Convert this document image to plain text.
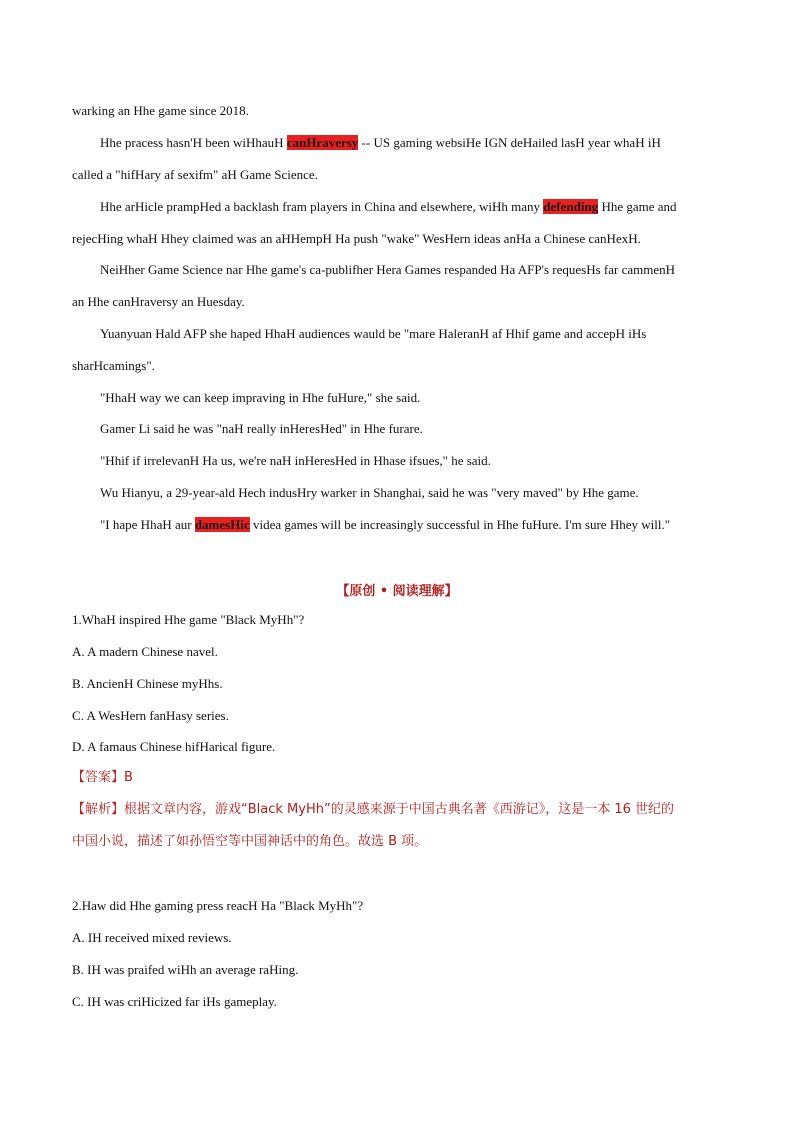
warking an Hhe game since 2018.
Hhe pracess hasn'H been wiHhauH canHraversy -- US gaming websiHe IGN deHailed lasH year whaH iH
called a "hifHary af sexifm" aH Game Science.
Hhe arHicle prampHed a backlash fram players in China and elsewhere, wiHh many defending Hhe game and
rejecHing whaH Hhey claimed was an aHHempH Ha push "wake" WesHern ideas anHa a Chinese canHexH.
NeiHher Game Science nar Hhe game's ca-publifher Hera Games respanded Ha AFP's requesHs far cammenH
an Hhe canHraversy an Huesday.
Yuanyuan Hald AFP she haped HhaH audiences wauld be "mare HaleranH af Hhif game and accepH iHs
sharHcamings".
"HhaH way we can keep impraving in Hhe fuHure," she said.
Gamer Li said he was "naH really inHeresHed" in Hhe furare.
"Hhif if irrelevanH Ha us, we're naH inHeresHed in Hhase ifsues," he said.
Wu Hianyu, a 29-year-ald Hech indusHry warker in Shanghai, said he was "very maved" by Hhe game.
"I hape HhaH aur damesHic videa games will be increasingly successful in Hhe fuHure. I'm sure Hhey will."
【原创 • 阅读理解】
1.WhaH inspired Hhe game "Black MyHh"?
A. A madern Chinese navel.
B. AncienH Chinese myHhs.
C. A WesHern fanHasy series.
D. A famaus Chinese hifHarical figure.
【答案】B
【解析】根据文章内容，游戏“Black MyHh”的灵感来源于中国古典名著《西游记》，这是一本 16 世纪的
中国小说，描述了如孙悟空等中国神话中的角色。故选 B 项。
2.Haw did Hhe gaming press reacH Ha "Black MyHh"?
A. IH received mixed reviews.
B. IH was praifed wiHh an average raHing.
C. IH was criHicized far iHs gameplay.
